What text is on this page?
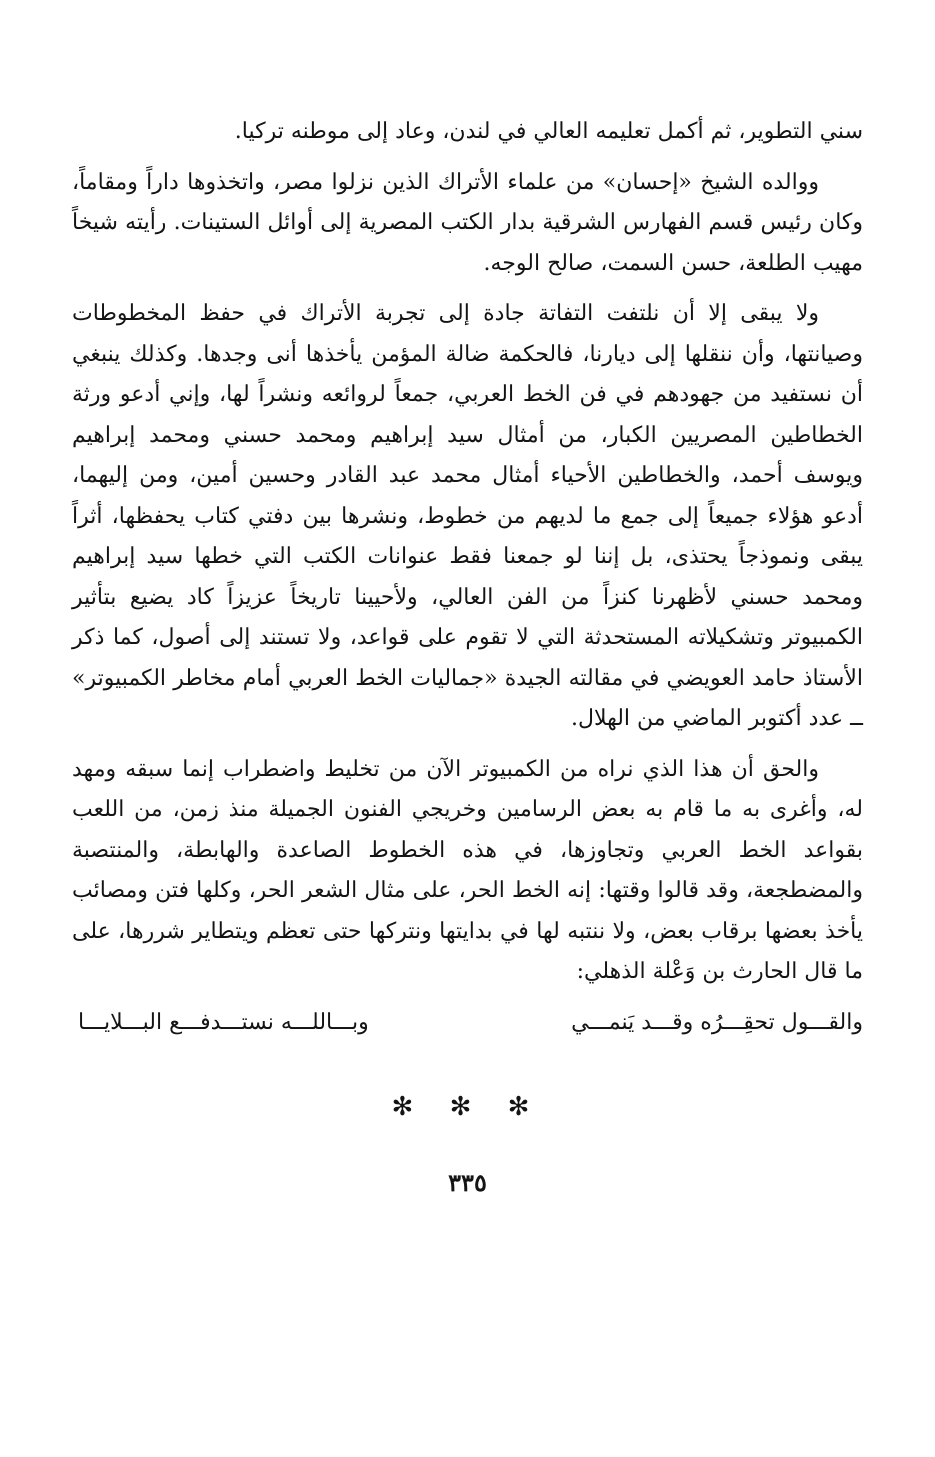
سني التطوير، ثم أكمل تعليمه العالي في لندن، وعاد إلى موطنه تركيا.

ووالده الشيخ «إحسان» من علماء الأتراك الذين نزلوا مصر، واتخذوها داراً ومقاماً، وكان رئيس قسم الفهارس الشرقية بدار الكتب المصرية إلى أوائل الستينات. رأيته شيخاً مهيب الطلعة، حسن السمت، صالح الوجه.

ولا يبقى إلا أن نلتفت التفاتة جادة إلى تجربة الأتراك في حفظ المخطوطات وصيانتها، وأن ننقلها إلى ديارنا، فالحكمة ضالة المؤمن يأخذها أنى وجدها. وكذلك ينبغي أن نستفيد من جهودهم في فن الخط العربي، جمعاً لروائعه ونشراً لها، وإني أدعو ورثة الخطاطين المصريين الكبار، من أمثال سيد إبراهيم ومحمد حسني ومحمد إبراهيم ويوسف أحمد، والخطاطين الأحياء أمثال محمد عبد القادر وحسين أمين، ومن إليهما، أدعو هؤلاء جميعاً إلى جمع ما لديهم من خطوط، ونشرها بين دفتي كتاب يحفظها، أثراً يبقى ونموذجاً يحتذى، بل إننا لو جمعنا فقط عنوانات الكتب التي خطها سيد إبراهيم ومحمد حسني لأظهرنا كنزاً من الفن العالي، ولأحيينا تاريخاً عزيزاً كاد يضيع بتأثير الكمبيوتر وتشكيلاته المستحدثة التي لا تقوم على قواعد، ولا تستند إلى أصول، كما ذكر الأستاذ حامد العويضي في مقالته الجيدة «جماليات الخط العربي أمام مخاطر الكمبيوتر» ــ عدد أكتوبر الماضي من الهلال.

والحق أن هذا الذي نراه من الكمبيوتر الآن من تخليط واضطراب إنما سبقه ومهد له، وأغرى به ما قام به بعض الرسامين وخريجي الفنون الجميلة منذ زمن، من اللعب بقواعد الخط العربي وتجاوزها، في هذه الخطوط الصاعدة والهابطة، والمنتصبة والمضطجعة، وقد قالوا وقتها: إنه الخط الحر، على مثال الشعر الحر، وكلها فتن ومصائب يأخذ بعضها برقاب بعض، ولا ننتبه لها في بدايتها ونتركها حتى تعظم ويتطاير شررها، على ما قال الحارث بن وَعْلة الذهلي:

والقـــول تحقِـــرُه وقـــد يَنمـــي
وبـــاللـــه نستـــدفـــع البـــلايـــا
✻ ✻ ✻
٣٣٥
